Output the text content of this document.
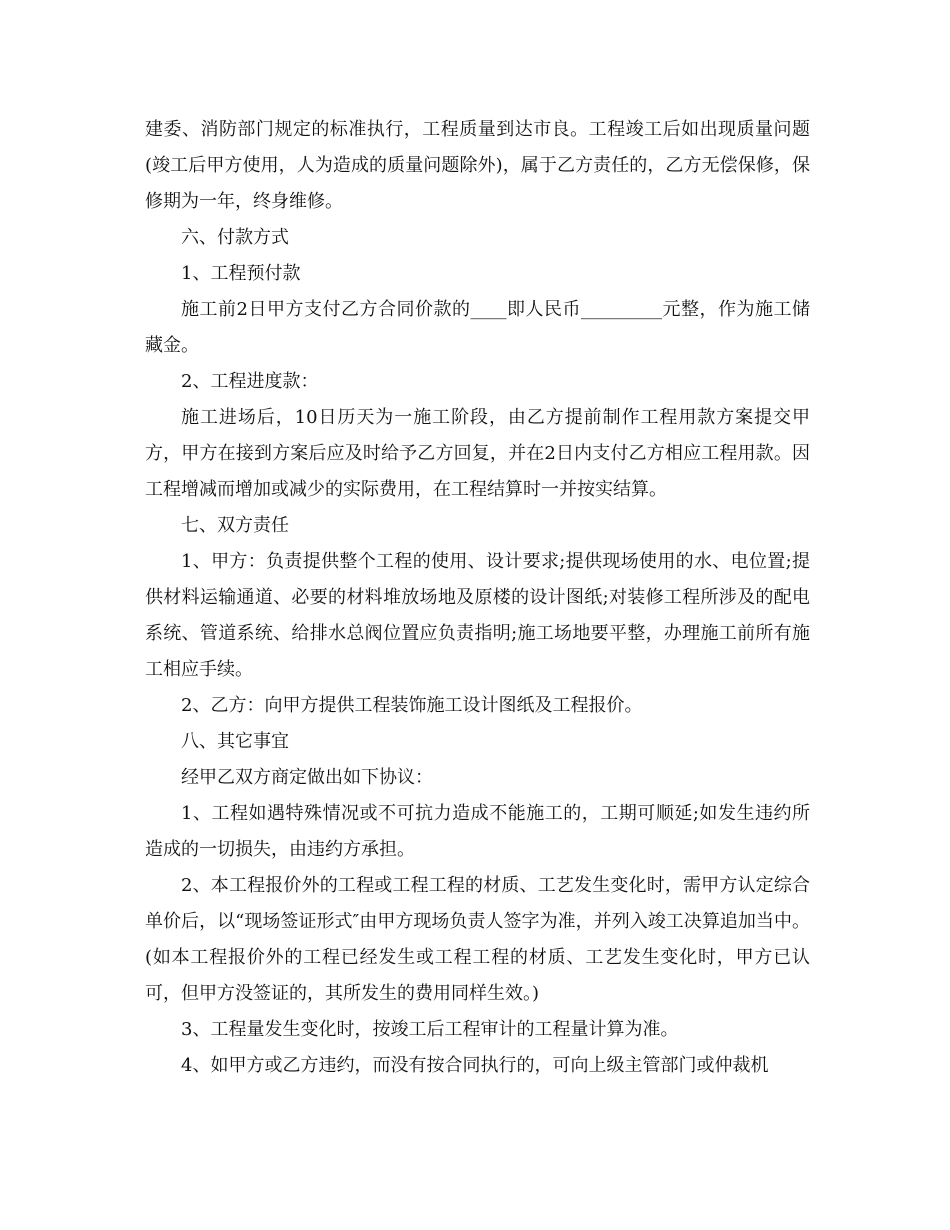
建委、消防部门规定的标准执行，工程质量到达市良。工程竣工后如出现质量问题(竣工后甲方使用，人为造成的质量问题除外)，属于乙方责任的，乙方无偿保修，保修期为一年，终身维修。

六、付款方式

1、工程预付款

施工前2日甲方支付乙方合同价款的____即人民币_________元整，作为施工储藏金。

2、工程进度款：

施工进场后，10日历天为一施工阶段，由乙方提前制作工程用款方案提交甲方，甲方在接到方案后应及时给予乙方回复，并在2日内支付乙方相应工程用款。因工程增减而增加或减少的实际费用，在工程结算时一并按实结算。

七、双方责任

1、甲方：负责提供整个工程的使用、设计要求;提供现场使用的水、电位置;提供材料运输通道、必要的材料堆放场地及原楼的设计图纸;对装修工程所涉及的配电系统、管道系统、给排水总阀位置应负责指明;施工场地要平整，办理施工前所有施工相应手续。

2、乙方：向甲方提供工程装饰施工设计图纸及工程报价。

八、其它事宜

经甲乙双方商定做出如下协议：

1、工程如遇特殊情况或不可抗力造成不能施工的，工期可顺延;如发生违约所造成的一切损失，由违约方承担。

2、本工程报价外的工程或工程工程的材质、工艺发生变化时，需甲方认定综合单价后，以“现场签证形式″由甲方现场负责人签字为准，并列入竣工决算追加当中。(如本工程报价外的工程已经发生或工程工程的材质、工艺发生变化时，甲方已认可，但甲方没签证的，其所发生的费用同样生效。)

3、工程量发生变化时，按竣工后工程审计的工程量计算为准。

4、如甲方或乙方违约，而没有按合同执行的，可向上级主管部门或仲裁机
